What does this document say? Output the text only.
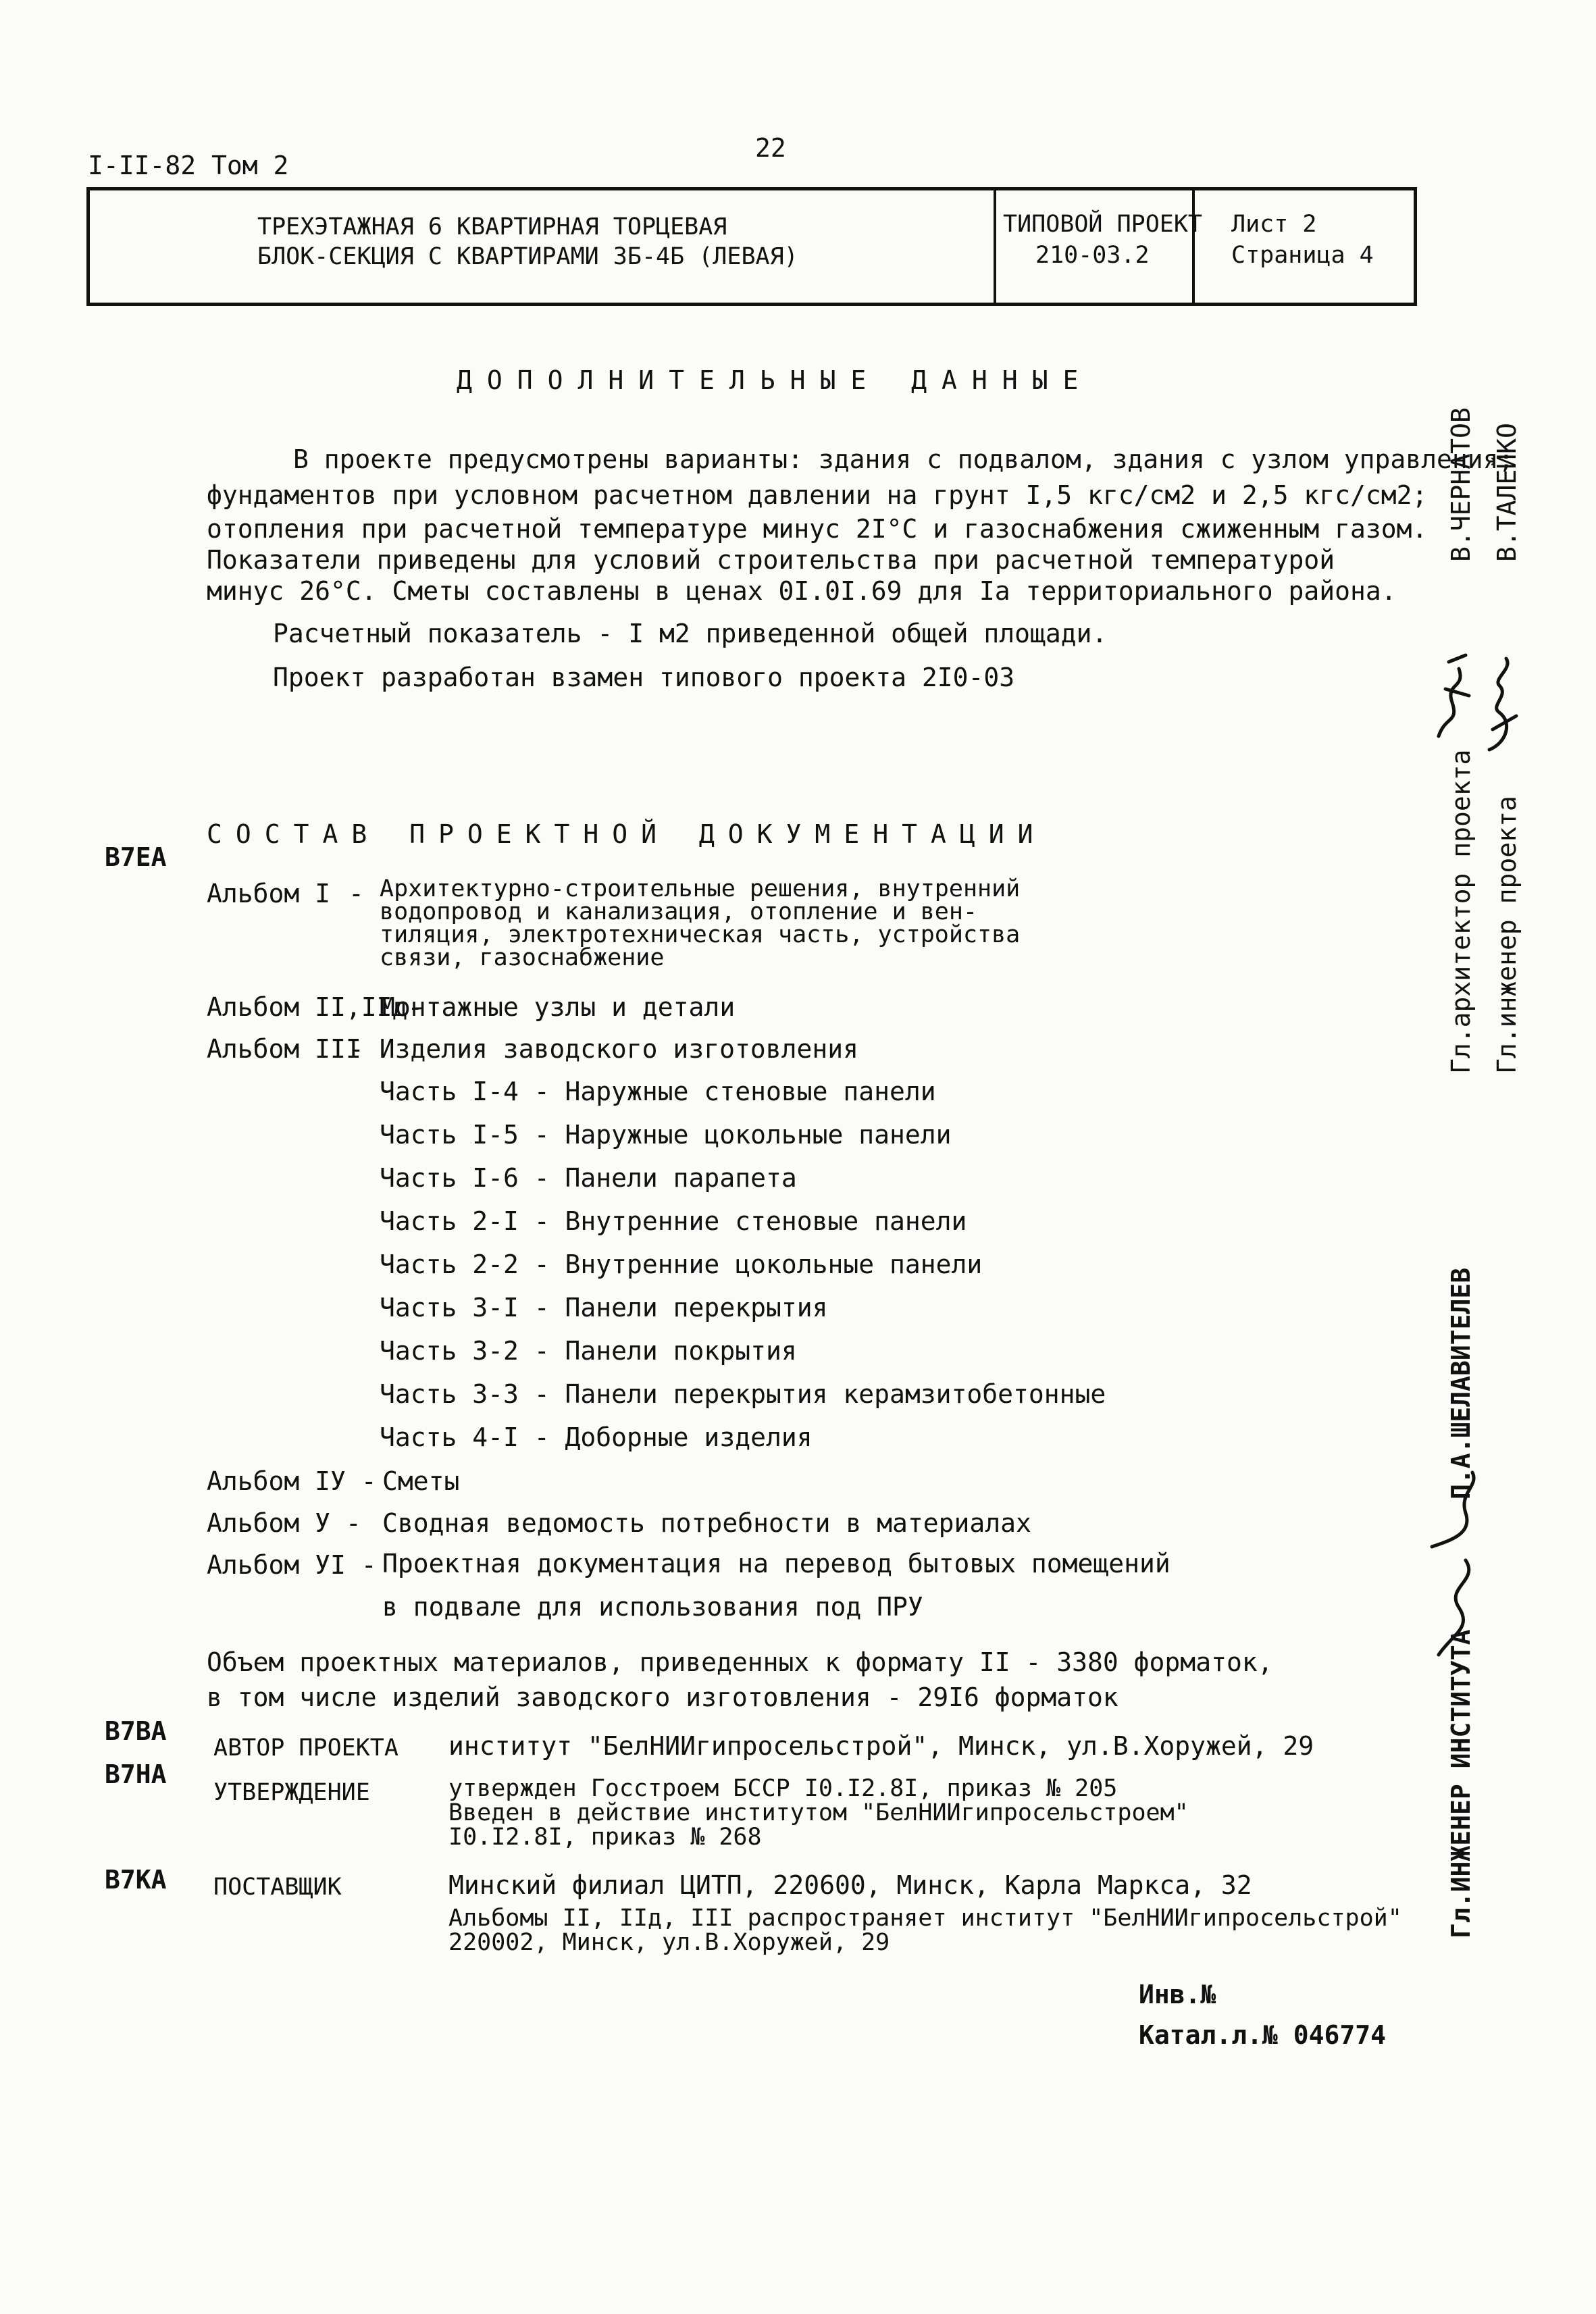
I-II-82 Том 2
22
ТРЕХЭТАЖНАЯ 6 КВАРТИРНАЯ ТОРЦЕВАЯ
БЛОК-СЕКЦИЯ С КВАРТИРАМИ 3Б-4Б (ЛЕВАЯ)
ТИПОВОЙ ПРОЕКТ
210-03.2
Лист 2
Страница 4
ДОПОЛНИТЕЛЬНЫЕ ДАННЫЕ
В проекте предусмотрены варианты: здания с подвалом, здания с узлом управления;
фундаментов при условном расчетном давлении на грунт I,5 кгс/см2 и 2,5 кгс/см2;
отопления при расчетной температуре минус 2I°С и газоснабжения сжиженным газом.
Показатели приведены для условий строительства при расчетной температурой
минус 26°С. Сметы составлены в ценах 0I.0I.69 для Iа территориального района.
Расчетный показатель - I м2 приведенной общей площади.
Проект разработан взамен типового проекта 2I0-03
В7ЕА
СОСТАВ ПРОЕКТНОЙ ДОКУМЕНТАЦИИ
Альбом I - Архитектурно-строительные решения, внутренний
водопровод и канализация, отопление и вен-
тиляция, электротехническая часть, устройства
связи, газоснабжение
Альбом II,IIд-
Монтажные узлы и детали
Альбом III
- Изделия заводского изготовления
Часть I-4 - Наружные стеновые панели
Часть I-5 - Наружные цокольные панели
Часть I-6 - Панели парапета
Часть 2-I - Внутренние стеновые панели
Часть 2-2 - Внутренние цокольные панели
Часть 3-I - Панели перекрытия
Часть 3-2 - Панели покрытия
Часть 3-3 - Панели перекрытия керамзитобетонные
Часть 4-I - Доборные изделия
Альбом IУ - Сметы
Альбом У - Сводная ведомость потребности в материалах
Альбом УI - Проектная документация на перевод бытовых помещений
в подвале для использования под ПРУ
Объем проектных материалов, приведенных к формату II - 3380 форматок,
в том числе изделий заводского изготовления - 29I6 форматок
В7ВА
АВТОР ПРОЕКТА институт "БелНИИгипросельстрой", Минск, ул.В.Хоружей, 29
В7НА
УТВЕРЖДЕНИЕ	утвержден Госстроем БССР I0.I2.8I, приказ № 205
Введен в действие институтом "БелНИИгипросельстроем"
I0.I2.8I, приказ № 268
В7КА ПОСТАВЩИК	Минский филиал ЦИТП, 220600, Минск, Карла Маркса, 32
Альбомы II, IIд, III распространяет институт "БелНИИгипросельстрой"
220002, Минск, ул.В.Хоружей, 29
Инв.№
Катал.л.№ 046774
В.ЧЕРНАТОВ В.ТАЛЕЙКО
Гл.архитектор проекта Гл.инженер проекта
П.А.ШЕЛАВИТЕЛЕВ
Гл.ИНЖЕНЕР ИНСТИТУТА
